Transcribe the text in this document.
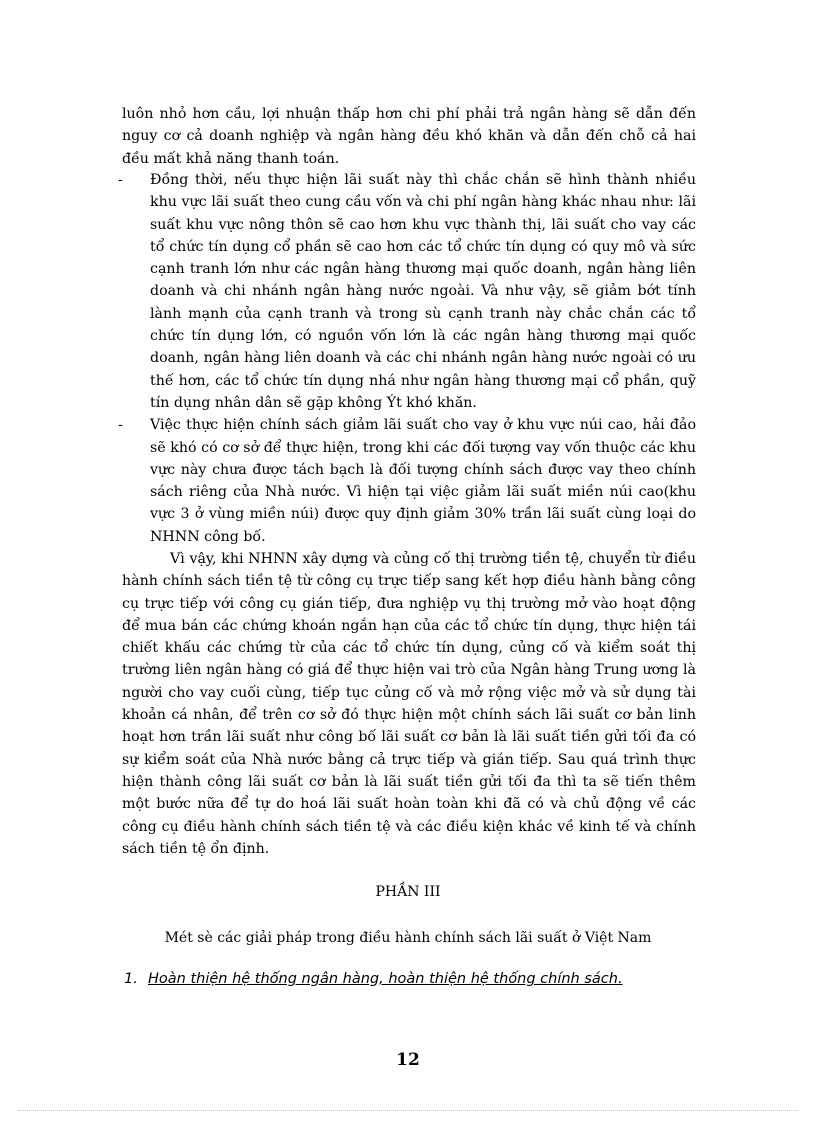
luôn nhỏ hơn cầu, lợi nhuận thấp hơn chi phí phải trả ngân hàng sẽ dẫn đến nguy cơ cả doanh nghiệp và ngân hàng đều khó khăn và dẫn đến chỗ cả hai đều mất khả năng thanh toán.

- Đồng thời, nếu thực hiện lãi suất này thì chắc chắn sẽ hình thành nhiều khu vực lãi suất theo cung cầu vốn và chi phí ngân hàng khác nhau như: lãi suất khu vực nông thôn sẽ cao hơn khu vực thành thị, lãi suất cho vay các tổ chức tín dụng cổ phần sẽ cao hơn các tổ chức tín dụng có quy mô và sức cạnh tranh lớn như các ngân hàng thương mại quốc doanh, ngân hàng liên doanh và chi nhánh ngân hàng nước ngoài. Và như vậy, sẽ giảm bớt tính lành mạnh của cạnh tranh và trong sù cạnh tranh này chắc chắn các tổ chức tín dụng lớn, có nguồn vốn lớn là các ngân hàng thương mại quốc doanh, ngân hàng liên doanh và các chi nhánh ngân hàng nước ngoài có ưu thế hơn, các tổ chức tín dụng nhá như ngân hàng thương mại cổ phần, quỹ tín dụng nhân dân sẽ gặp không Ýt khó khăn.
- Việc thực hiện chính sách giảm lãi suất cho vay ở khu vực núi cao, hải đảo sẽ khó có cơ sở để thực hiện, trong khi các đối tượng vay vốn thuộc các khu vực này chưa được tách bạch là đối tượng chính sách được vay theo chính sách riêng của Nhà nước. Vì hiện tại việc giảm lãi suất miền núi cao(khu vực 3 ở vùng miền núi) được quy định giảm 30% trần lãi suất cùng loại do NHNN công bố.

Vì vậy, khi NHNN xây dựng và củng cố thị trường tiền tệ, chuyển từ điều hành chính sách tiền tệ từ công cụ trực tiếp sang kết hợp điều hành bằng công cụ trực tiếp với công cụ gián tiếp, đưa nghiệp vụ thị trường mở vào hoạt động để mua bán các chứng khoán ngắn hạn của các tổ chức tín dụng, thực hiện tái chiết khấu các chứng từ của các tổ chức tín dụng, củng cố và kiểm soát thị trường liên ngân hàng có giá để thực hiện vai trò của Ngân hàng Trung ương là người cho vay cuối cùng, tiếp tục củng cố và mở rộng việc mở và sử dụng tài khoản cá nhân, để trên cơ sở đó thực hiện một chính sách lãi suất cơ bản linh hoạt hơn trần lãi suất như công bố lãi suất cơ bản là lãi suất tiền gửi tối đa có sự kiểm soát của Nhà nước bằng cả trực tiếp và gián tiếp. Sau quá trình thực hiện thành công lãi suất cơ bản là lãi suất tiền gửi tối đa thì ta sẽ tiến thêm một bước nữa để tự do hoá lãi suất hoàn toàn khi đã có và chủ động về các công cụ điều hành chính sách tiền tệ và các điều kiện khác về kinh tế và chính sách tiền tệ ổn định.

PHẦN III
Mét sè các giải pháp trong điều hành chính sách lãi suất ở Việt Nam
1. Hoàn thiện hệ thống ngân hàng, hoàn thiện hệ thống chính sách.
12
